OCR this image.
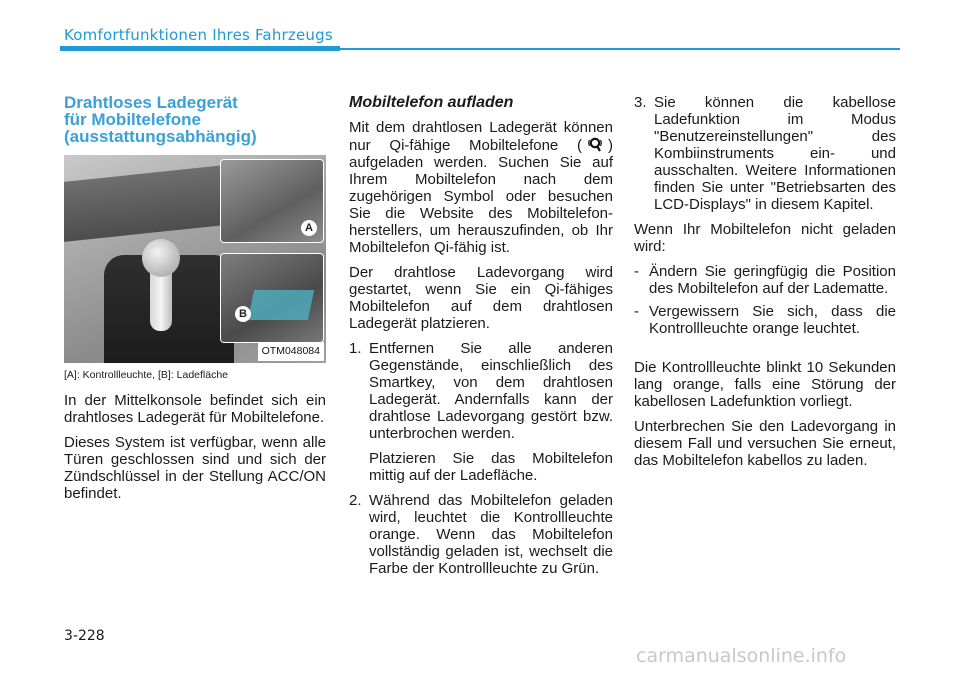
Komfortfunktionen Ihres Fahrzeugs
Drahtloses Ladegerät
für Mobiltelefone
(ausstattungsabhängig)
A
B
OTM048084
[A]: Kontrollleuchte, [B]: Ladefläche

In der Mittelkonsole befindet sich ein drahtloses Ladegerät für Mobiltelefone.

Dieses System ist verfügbar, wenn alle Türen geschlossen sind und sich der Zündschlüssel in der Stellung ACC/ON befindet.

Mobiltelefon aufladen

Mit dem drahtlosen Ladegerät können nur Qi-fähige Mobiltelefone ( ) aufgeladen werden. Suchen Sie auf Ihrem Mobiltelefon nach dem zugehörigen Symbol oder besuchen Sie die Website des Mobiltelefon-herstellers, um herauszufinden, ob Ihr Mobiltelefon Qi-fähig ist.

Der drahtlose Ladevorgang wird gestartet, wenn Sie ein Qi-fähiges Mobiltelefon auf dem drahtlosen Ladegerät platzieren.

1. Entfernen Sie alle anderen Gegenstände, einschließlich des Smartkey, von dem drahtlosen Ladegerät. Andernfalls kann der drahtlose Ladevorgang gestört bzw. unterbrochen werden.

Platzieren Sie das Mobiltelefon mittig auf der Ladefläche.

2. Während das Mobiltelefon geladen wird, leuchtet die Kontrollleuchte orange. Wenn das Mobiltelefon vollständig geladen ist, wechselt die Farbe der Kontrollleuchte zu Grün.
3. Sie können die kabellose Ladefunktion im Modus "Benutzereinstellungen" des Kombiinstruments ein- und ausschalten. Weitere Informationen finden Sie unter "Betriebsarten des LCD-Displays" in diesem Kapitel.

Wenn Ihr Mobiltelefon nicht geladen wird:

- Ändern Sie geringfügig die Position des Mobiltelefon auf der Ladematte.
- Vergewissern Sie sich, dass die Kontrollleuchte orange leuchtet.

Die Kontrollleuchte blinkt 10 Sekunden lang orange, falls eine Störung der kabellosen Ladefunktion vorliegt.

Unterbrechen Sie den Ladevorgang in diesem Fall und versuchen Sie erneut, das Mobiltelefon kabellos zu laden.

3-228
carmanualsonline.info
